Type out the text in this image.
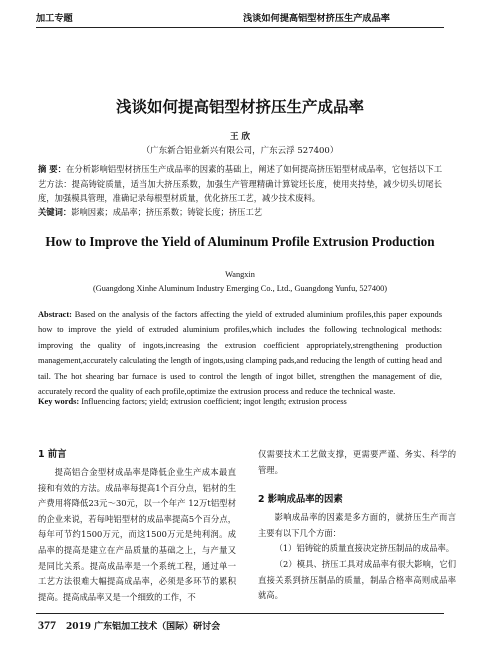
加工专题	浅谈如何提高铝型材挤压生产成品率
浅谈如何提高铝型材挤压生产成品率
王 欣
（广东新合铝业新兴有限公司，广东云浮 527400）
摘 要：在分析影响铝型材挤压生产成品率的因素的基础上，阐述了如何提高挤压铝型材成品率，它包括以下工艺方法：提高铸锭质量，适当加大挤压系数，加强生产管理精确计算锭坯长度，使用夹持垫，减少切头切尾长度，加强模具管理，准确记录每根型材质量，优化挤压工艺，减少技术废料。
关键词：影响因素；成品率；挤压系数；铸锭长度；挤压工艺
How to Improve the Yield of Aluminum Profile Extrusion Production
Wangxin
(Guangdong Xinhe Aluminum Industry Emerging Co., Ltd., Guangdong Yunfu, 527400)
Abstract: Based on the analysis of the factors affecting the yield of extruded aluminium profiles,this paper expounds how to improve the yield of extruded aluminium profiles,which includes the following technological methods: improving the quality of ingots,increasing the extrusion coefficient appropriately,strengthening production management,accurately calculating the length of ingots,using clamping pads,and reducing the length of cutting head and tail. The hot shearing bar furnace is used to control the length of ingot billet, strengthen the management of die, accurately record the quality of each profile,optimize the extrusion process and reduce the technical waste.
Key words: Influencing factors; yield; extrusion coefficient; ingot length; extrusion process
1 前言

提高铝合金型材成品率是降低企业生产成本最直接和有效的方法。成品率每提高1个百分点，铝材的生产费用将降低23元～30元，以一个年产 12万t铝型材的企业来说，若每吨铝型材的成品率提高5个百分点，每年可节约1500万元，而这1500万元是纯利润。成品率的提高是建立在产品质量的基础之上，与产量又是同比关系。提高成品率是一个系统工程，通过单一工艺方法很难大幅提高成品率，必须是多环节的累积提高。提高成品率又是一个细致的工作，不

仅需要技术工艺做支撑，更需要严谨、务实、科学的管理。

2 影响成品率的因素

影响成品率的因素是多方面的，就挤压生产而言主要有以下几个方面：

（1）铝铸锭的质量直接决定挤压制品的成品率。

（2）模具、挤压工具对成品率有很大影响，它们直接关系到挤压制品的质量，制品合格率高则成品率就高。

377 2019 广东铝加工技术（国际）研讨会
